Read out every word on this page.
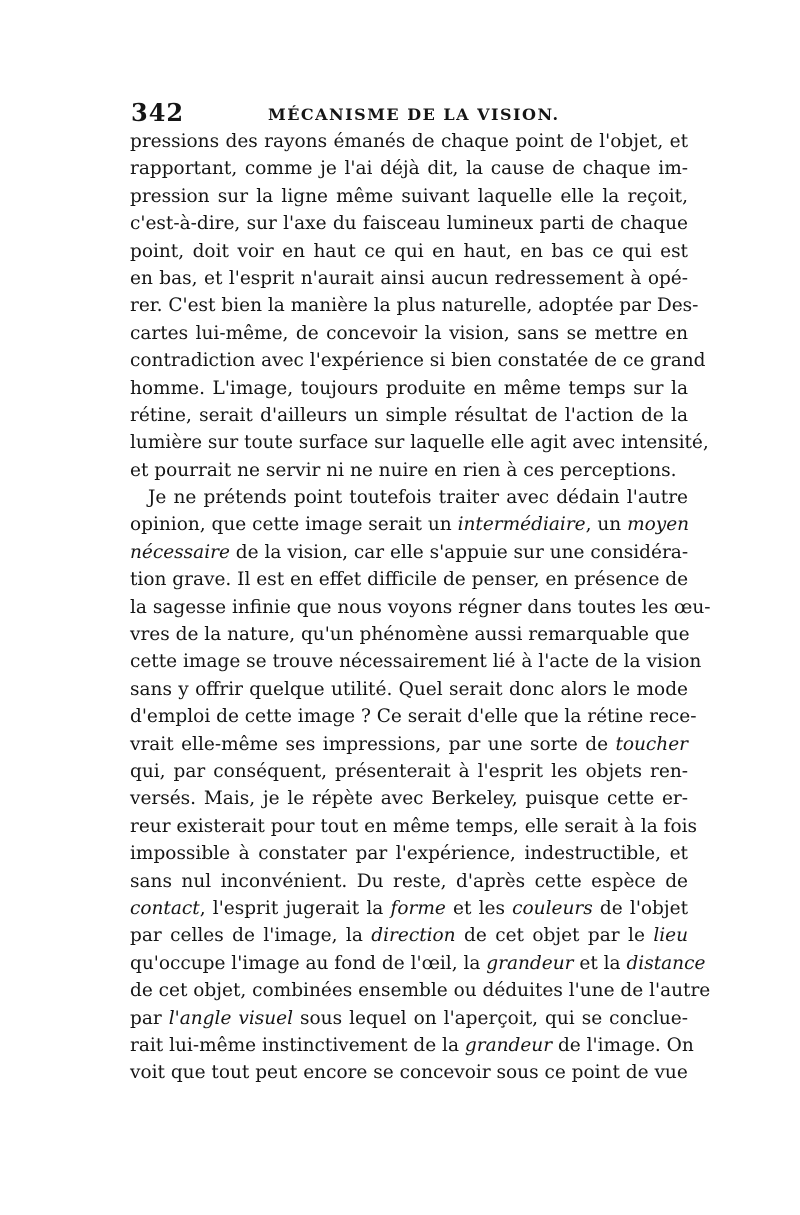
342	MÉCANISME DE LA VISION.
pressions des rayons émanés de chaque point de l'objet, et
rapportant, comme je l'ai déjà dit, la cause de chaque im-
pression sur la ligne même suivant laquelle elle la reçoit,
c'est-à-dire, sur l'axe du faisceau lumineux parti de chaque
point, doit voir en haut ce qui en haut, en bas ce qui est
en bas, et l'esprit n'aurait ainsi aucun redressement à opé-
rer. C'est bien la manière la plus naturelle, adoptée par Des-
cartes lui-même, de concevoir la vision, sans se mettre en
contradiction avec l'expérience si bien constatée de ce grand
homme. L'image, toujours produite en même temps sur la
rétine, serait d'ailleurs un simple résultat de l'action de la
lumière sur toute surface sur laquelle elle agit avec intensité,
et pourrait ne servir ni ne nuire en rien à ces perceptions.
Je ne prétends point toutefois traiter avec dédain l'autre
opinion, que cette image serait un intermédiaire, un moyen
nécessaire de la vision, car elle s'appuie sur une considéra-
tion grave. Il est en effet difficile de penser, en présence de
la sagesse infinie que nous voyons régner dans toutes les œu-
vres de la nature, qu'un phénomène aussi remarquable que
cette image se trouve nécessairement lié à l'acte de la vision
sans y offrir quelque utilité. Quel serait donc alors le mode
d'emploi de cette image ? Ce serait d'elle que la rétine rece-
vrait elle-même ses impressions, par une sorte de toucher
qui, par conséquent, présenterait à l'esprit les objets ren-
versés. Mais, je le répète avec Berkeley, puisque cette er-
reur existerait pour tout en même temps, elle serait à la fois
impossible à constater par l'expérience, indestructible, et
sans nul inconvénient. Du reste, d'après cette espèce de
contact, l'esprit jugerait la forme et les couleurs de l'objet
par celles de l'image, la direction de cet objet par le lieu
qu'occupe l'image au fond de l'œil, la grandeur et la distance
de cet objet, combinées ensemble ou déduites l'une de l'autre
par l'angle visuel sous lequel on l'aperçoit, qui se conclue-
rait lui-même instinctivement de la grandeur de l'image. On
voit que tout peut encore se concevoir sous ce point de vue
